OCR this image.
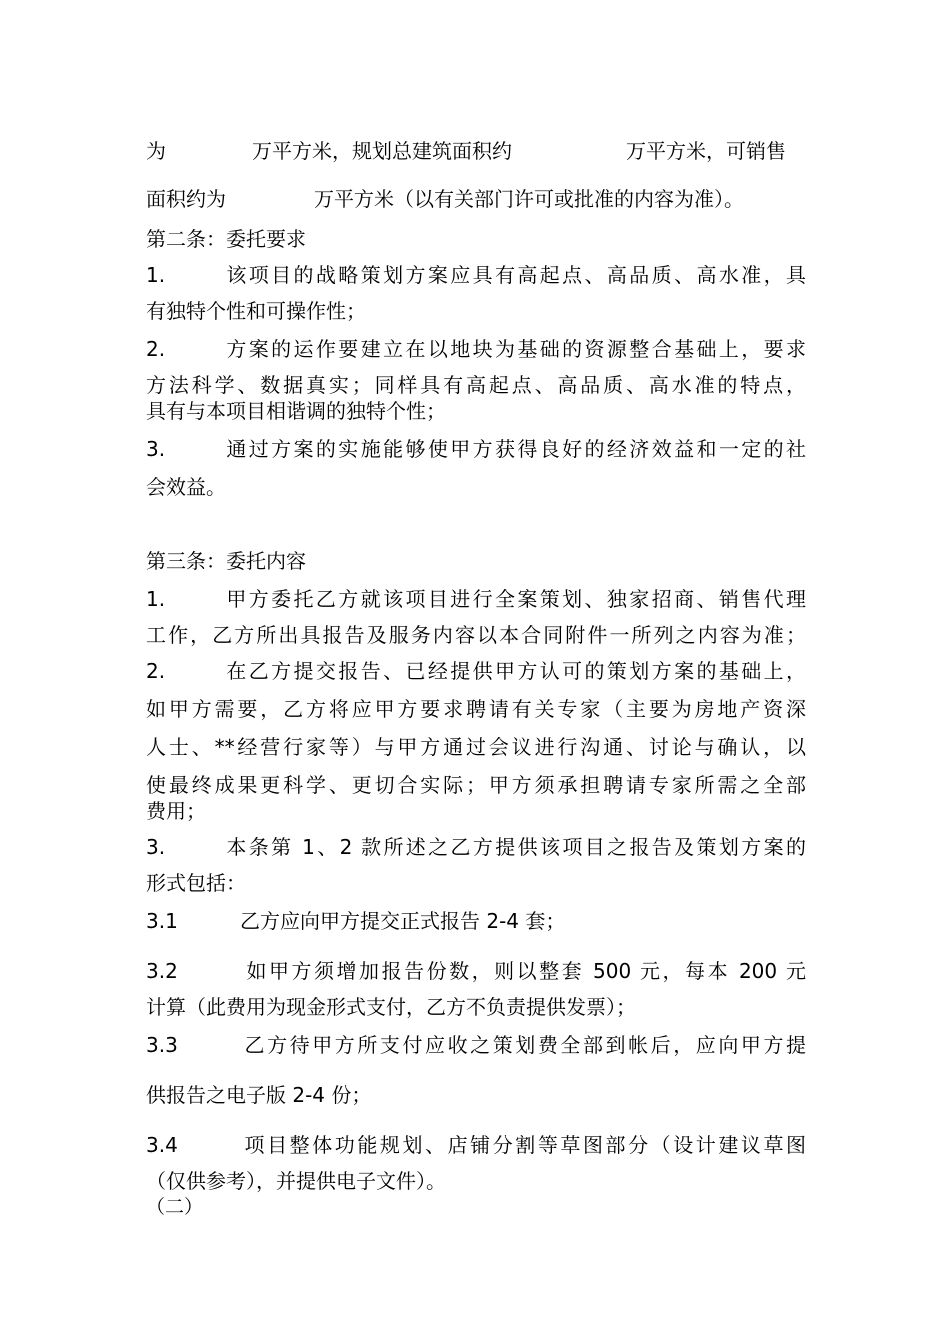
为	万平方米，规划总建筑面积约	万平方米，可销售
面积约为	万平方米（以有关部门许可或批准的内容为准）。
第二条：委托要求
1.	该项目的战略策划方案应具有高起点、高品质、高水准，具
有独特个性和可操作性；
2.	方案的运作要建立在以地块为基础的资源整合基础上，要求
方法科学、数据真实；同样具有高起点、高品质、高水准的特点，
具有与本项目相谐调的独特个性；
3.	通过方案的实施能够使甲方获得良好的经济效益和一定的社
会效益。
第三条：委托内容
1.	甲方委托乙方就该项目进行全案策划、独家招商、销售代理
工作，乙方所出具报告及服务内容以本合同附件一所列之内容为准；
2.	在乙方提交报告、已经提供甲方认可的策划方案的基础上，
如甲方需要，乙方将应甲方要求聘请有关专家（主要为房地产资深
人士、**经营行家等）与甲方通过会议进行沟通、讨论与确认，以
使最终成果更科学、更切合实际；甲方须承担聘请专家所需之全部
费用；
3.	本条第 1、2 款所述之乙方提供该项目之报告及策划方案的
形式包括：
3.1	乙方应向甲方提交正式报告 2-4 套；
3.2	如甲方须增加报告份数，则以整套 500 元，每本 200 元
计算（此费用为现金形式支付，乙方不负责提供发票）；
3.3	乙方待甲方所支付应收之策划费全部到帐后，应向甲方提
供报告之电子版 2-4 份；
3.4	项目整体功能规划、店铺分割等草图部分（设计建议草图
（仅供参考），并提供电子文件）。
（二）
